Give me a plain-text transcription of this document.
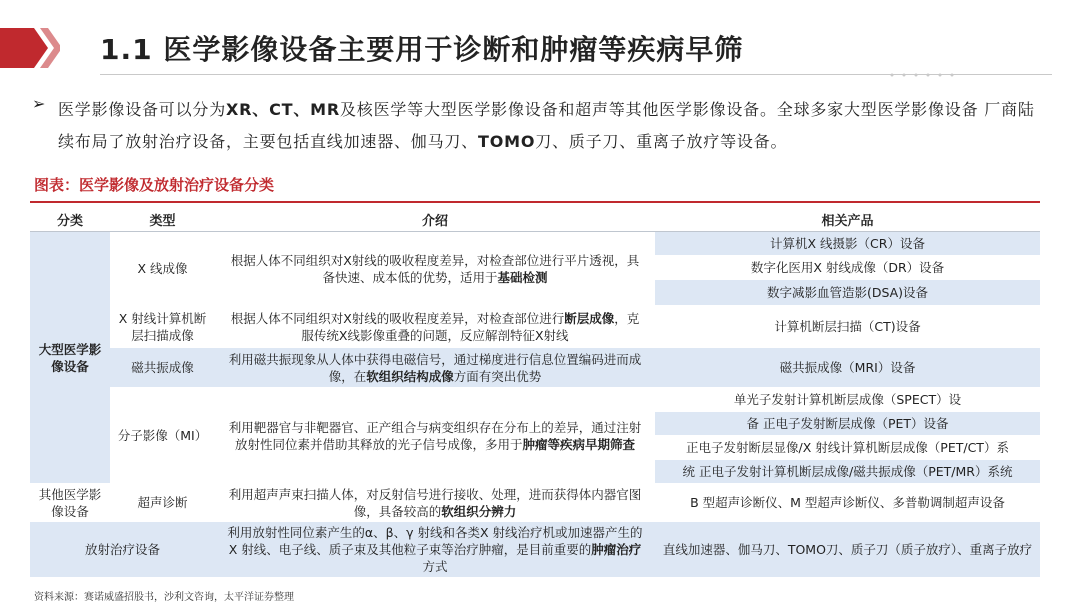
1.1 医学影像设备主要用于诊断和肿瘤等疾病早筛
➢ 医学影像设备可以分为XR、CT、MR及核医学等大型医学影像设备和超声等其他医学影像设备。全球多家大型医学影像设备 厂商陆续布局了放射治疗设备，主要包括直线加速器、伽马刀、TOMO刀、质子刀、重离子放疗等设备。
图表：医学影像及放射治疗设备分类
分类	类型	介绍	相关产品
大型医学影像设备	X 线成像	根据人体不同组织对X射线的吸收程度差异，对检查部位进行平片透视，具备快速、成本低的优势，适用于基础检测	计算机X 线摄影（CR）设备
			数字化医用X 射线成像（DR）设备
			数字减影血管造影(DSA)设备
	X 射线计算机断层扫描成像	根据人体不同组织对X射线的吸收程度差异，对检查部位进行断层成像，克服传统X线影像重叠的问题，反应解剖特征X射线	计算机断层扫描（CT)设备
	磁共振成像	利用磁共振现象从人体中获得电磁信号，通过梯度进行信息位置编码进而成像，在软组织结构成像方面有突出优势	磁共振成像（MRI）设备
	分子影像（MI）	利用靶器官与非靶器官、正产组合与病变组织存在分布上的差异，通过注射放射性同位素并借助其释放的光子信号成像，多用于肿瘤等疾病早期筛查	单光子发射计算机断层成像（SPECT）设
			备 正电子发射断层成像（PET）设备
			正电子发射断层显像/X 射线计算机断层成像（PET/CT）系
			统 正电子发射计算机断层成像/磁共振成像（PET/MR）系统
其他医学影像设备	超声诊断	利用超声声束扫描人体，对反射信号进行接收、处理，进而获得体内器官图像，具备较高的软组织分辨力	B 型超声诊断仪、M 型超声诊断仪、多普勒调制超声设备
放射治疗设备		利用放射性同位素产生的α、β、γ 射线和各类X 射线治疗机或加速器产生的X 射线、电子线、质子束及其他粒子束等治疗肿瘤，是目前重要的肿瘤治疗方式	直线加速器、伽马刀、TOMO刀、质子刀（质子放疗）、重离子放疗
资料来源：赛诺威盛招股书，沙利文咨询，太平洋证券整理
